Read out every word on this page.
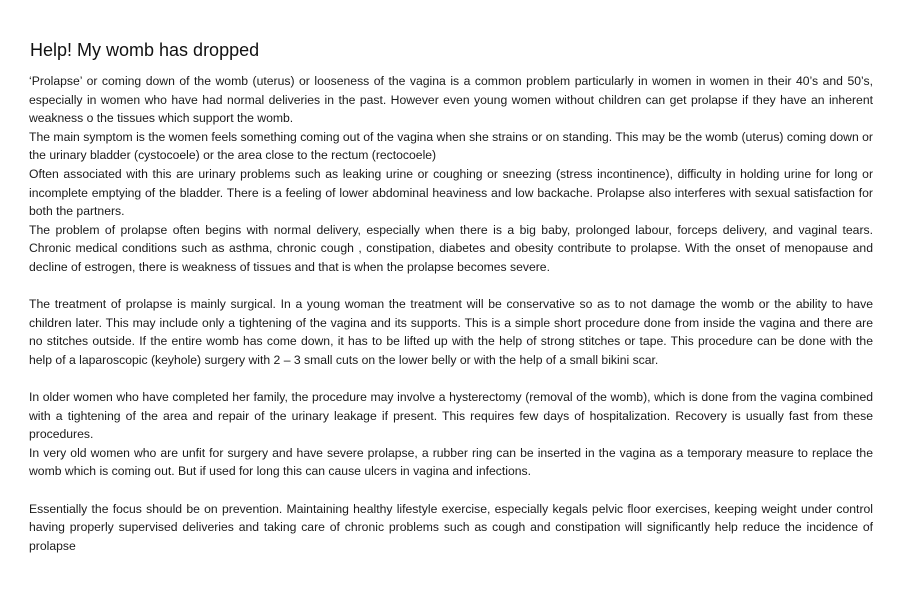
Help! My womb has dropped

‘Prolapse’ or coming down of the womb (uterus) or looseness of the vagina is a common problem particularly in women in women in their 40’s and 50’s, especially in women who have had normal deliveries in the past. However even young women without children can get prolapse if they have an inherent weakness o the tissues which support the womb.

The main symptom is the women feels something coming out of the vagina when she strains or on standing. This may be the womb (uterus) coming down or the urinary bladder (cystocoele) or the area close to the rectum (rectocoele)

Often associated with this are urinary problems such as leaking urine or coughing or sneezing (stress incontinence), difficulty in holding urine for long or incomplete emptying of the bladder. There is a feeling of lower abdominal heaviness and low backache. Prolapse also interferes with sexual satisfaction for both the partners.

The problem of prolapse often begins with normal delivery, especially when there is a big baby, prolonged labour, forceps delivery, and vaginal tears. Chronic medical conditions such as asthma, chronic cough , constipation, diabetes and obesity contribute to prolapse. With the onset of menopause and decline of estrogen, there is weakness of tissues and that is when the prolapse becomes severe.

The treatment of prolapse is mainly surgical. In a young woman the treatment will be conservative so as to not damage the womb or the ability to have children later. This may include only a tightening of the vagina and its supports. This is a simple short procedure done from inside the vagina and there are no stitches outside. If the entire womb has come down, it has to be lifted up with the help of strong stitches or tape. This procedure can be done with the help of a laparoscopic (keyhole) surgery with 2 – 3 small cuts on the lower belly or with the help of a small bikini scar.

In older women who have completed her family, the procedure may involve a hysterectomy (removal of the womb), which is done from the vagina combined with a tightening of the area and repair of the urinary leakage if present. This requires few days of hospitalization. Recovery is usually fast from these procedures.

In very old women who are unfit for surgery and have severe prolapse, a rubber ring can be inserted in the vagina as a temporary measure to replace the womb which is coming out. But if used for long this can cause ulcers in vagina and infections.

Essentially the focus should be on prevention. Maintaining healthy lifestyle exercise, especially kegals pelvic floor exercises, keeping weight under control having properly supervised deliveries and taking care of chronic problems such as cough and constipation will significantly help reduce the incidence of prolapse
